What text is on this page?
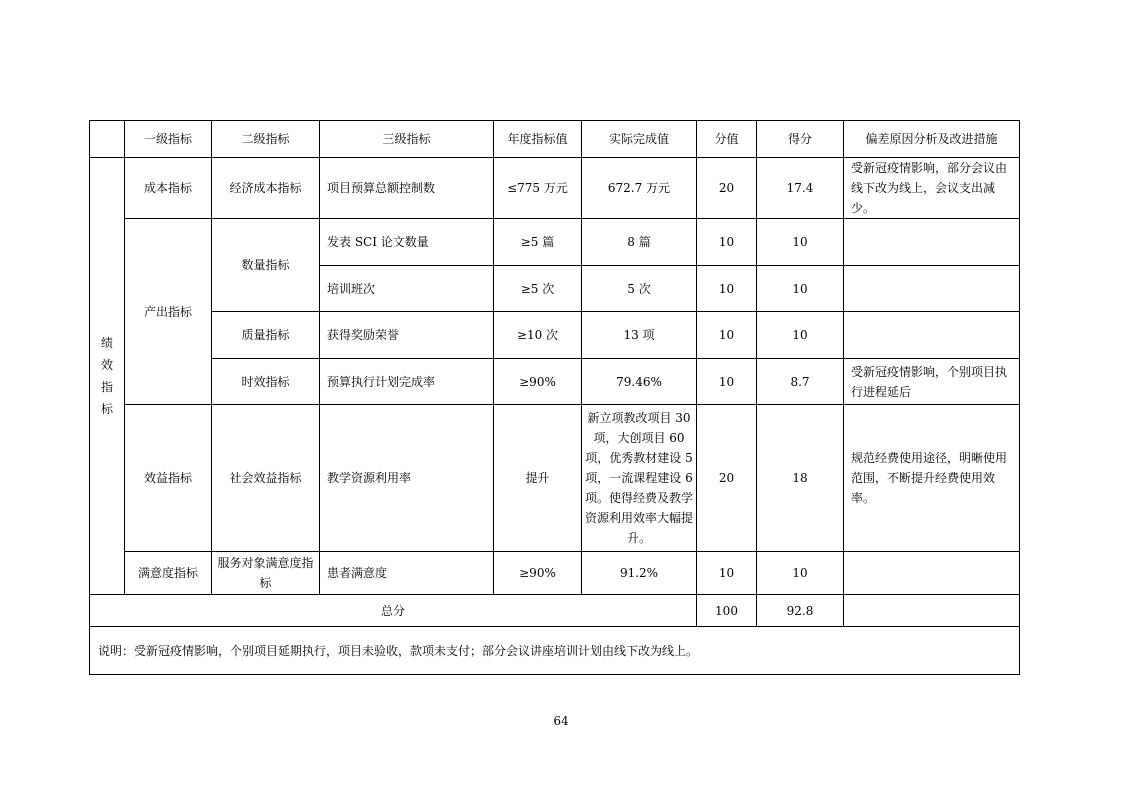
	一级指标	二级指标	三级指标	年度指标值	实际完成值	分值	得分	偏差原因分析及改进措施

绩效指标	成本指标	经济成本指标	项目预算总额控制数	≤775 万元	672.7 万元	20	17.4	受新冠疫情影响，部分会议由线下改为线上，会议支出减少。
	产出指标	数量指标	发表 SCI 论文数量	≥5 篇	8 篇	10	10	
			培训班次	≥5 次	5 次	10	10	
		质量指标	获得奖励荣誉	≥10 次	13 项	10	10	
		时效指标	预算执行计划完成率	≥90%	79.46%	10	8.7	受新冠疫情影响，个别项目执行进程延后
	效益指标	社会效益指标	教学资源利用率	提升	新立项教改项目 30 项，大创项目 60 项，优秀教材建设 5 项，一流课程建设 6 项。使得经费及教学资源利用效率大幅提升。	20	18	规范经费使用途径，明晰使用范围，不断提升经费使用效率。
	满意度指标	服务对象满意度指标	患者满意度	≥90%	91.2%	10	10	
总分						100	92.8	
说明：受新冠疫情影响，个别项目延期执行，项目未验收，款项未支付；部分会议讲座培训计划由线下改为线上。								
64
